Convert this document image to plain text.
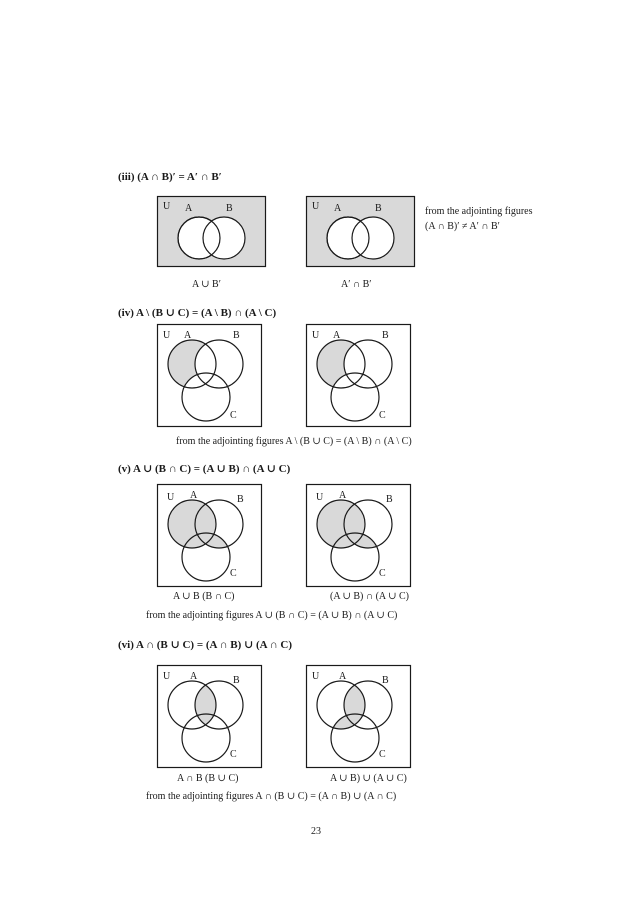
(iii) (A ∩ B)′ = A′ ∩ B′
U A	B	U A	B	from the adjointing figures
(A ∩ B)′ ≠ A′ ∩ B′
A ∪ B′	A′ ∩ B′
(iv) A \ (B ∪ C) = (A \ B) ∩ (A \ C)
U A	B
C
U A	B
C
from the adjointing figures A \ (B ∪ C) = (A \ B) ∩ (A \ C)
(v) A ∪ (B ∩ C) = (A ∪ B) ∩ (A ∪ C)
U A	B
C
U A	B
C
A ∪ B (B ∩ C)	(A ∪ B) ∩ (A ∪ C)
from the adjointing figures A ∪ (B ∩ C) = (A ∪ B) ∩ (A ∪ C)
(vi) A ∩ (B ∪ C) = (A ∩ B) ∪ (A ∩ C)
U A	B
C
U A	B
C
A ∩ B (B ∪ C)	A ∪ B) ∪ (A ∪ C)
from the adjointing figures A ∩ (B ∪ C) = (A ∩ B) ∪ (A ∩ C)
23
